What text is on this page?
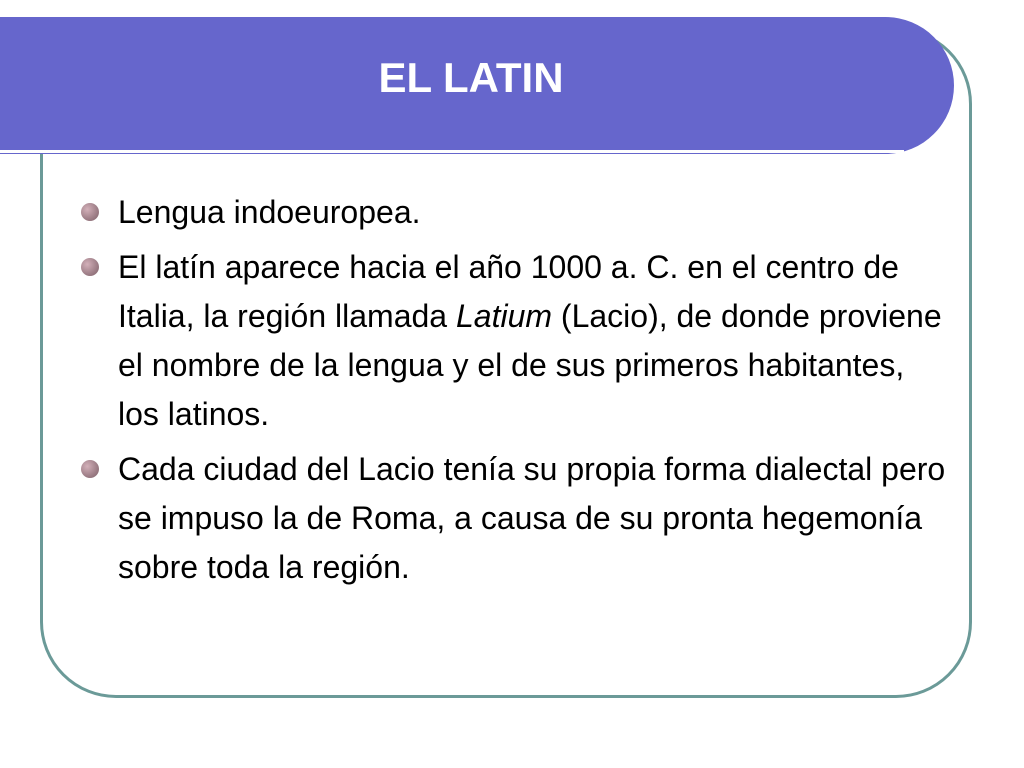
EL LATIN
Lengua indoeuropea.
El latín aparece hacia el año 1000 a. C. en el centro de Italia, la región llamada Latium (Lacio), de donde proviene el nombre de la lengua y el de sus primeros habitantes, los latinos.
Cada ciudad del Lacio tenía su propia forma dialectal pero se impuso la de Roma, a causa de su pronta hegemonía sobre toda la región.
